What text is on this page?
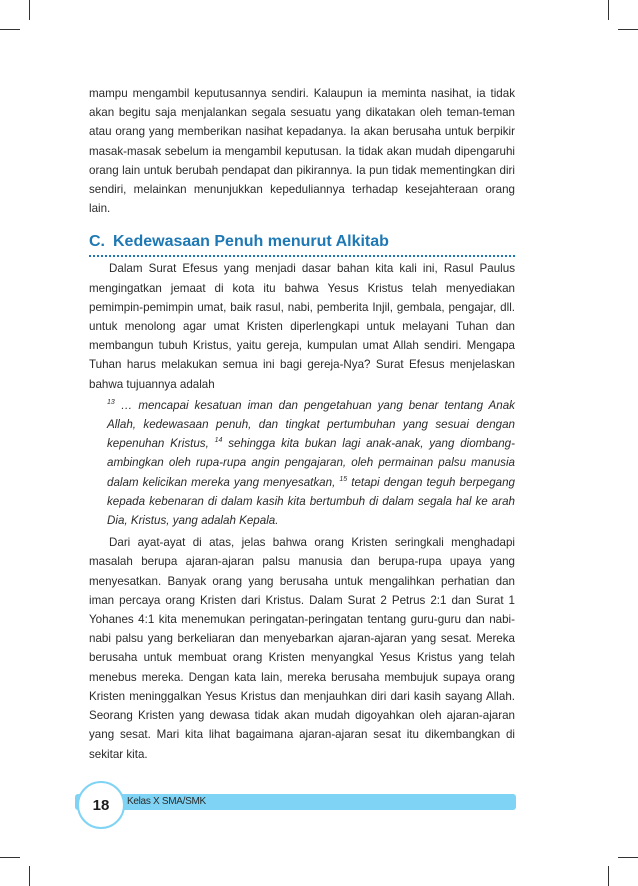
mampu mengambil keputusannya sendiri. Kalaupun ia meminta nasihat, ia tidak akan begitu saja menjalankan segala sesuatu yang dikatakan oleh teman-teman atau orang yang memberikan nasihat kepadanya. Ia akan berusaha untuk berpikir masak-masak sebelum ia mengambil keputusan. Ia tidak akan mudah dipengaruhi orang lain untuk berubah pendapat dan pikirannya. Ia pun tidak mementingkan diri sendiri, melainkan menunjukkan kepeduliannya terhadap kesejahteraan orang lain.

C. Kedewasaan Penuh menurut Alkitab

Dalam Surat Efesus yang menjadi dasar bahan kita kali ini, Rasul Paulus mengingatkan jemaat di kota itu bahwa Yesus Kristus telah menyediakan pemimpin-pemimpin umat, baik rasul, nabi, pemberita Injil, gembala, pengajar, dll. untuk menolong agar umat Kristen diperlengkapi untuk melayani Tuhan dan membangun tubuh Kristus, yaitu gereja, kumpulan umat Allah sendiri. Mengapa Tuhan harus melakukan semua ini bagi gereja-Nya? Surat Efesus menjelaskan bahwa tujuannya adalah

$^{13}$ … mencapai kesatuan iman dan pengetahuan yang benar tentang Anak Allah, kedewasaan penuh, dan tingkat pertumbuhan yang sesuai dengan kepenuhan Kristus, $^{14}$ sehingga kita bukan lagi anak-anak, yang diombang-ambingkan oleh rupa-rupa angin pengajaran, oleh permainan palsu manusia dalam kelicikan mereka yang menyesatkan, $^{15}$ tetapi dengan teguh berpegang kepada kebenaran di dalam kasih kita bertumbuh di dalam segala hal ke arah Dia, Kristus, yang adalah Kepala.

Dari ayat-ayat di atas, jelas bahwa orang Kristen seringkali menghadapi masalah berupa ajaran-ajaran palsu manusia dan berupa-rupa upaya yang menyesatkan. Banyak orang yang berusaha untuk mengalihkan perhatian dan iman percaya orang Kristen dari Kristus. Dalam Surat 2 Petrus 2:1 dan Surat 1 Yohanes 4:1 kita menemukan peringatan-peringatan tentang guru-guru dan nabi-nabi palsu yang berkeliaran dan menyebarkan ajaran-ajaran yang sesat. Mereka berusaha untuk membuat orang Kristen menyangkal Yesus Kristus yang telah menebus mereka. Dengan kata lain, mereka berusaha membujuk supaya orang Kristen meninggalkan Yesus Kristus dan menjauhkan diri dari kasih sayang Allah. Seorang Kristen yang dewasa tidak akan mudah digoyahkan oleh ajaran-ajaran yang sesat. Mari kita lihat bagaimana ajaran-ajaran sesat itu dikembangkan di sekitar kita.

Kelas X SMA/SMK
18
